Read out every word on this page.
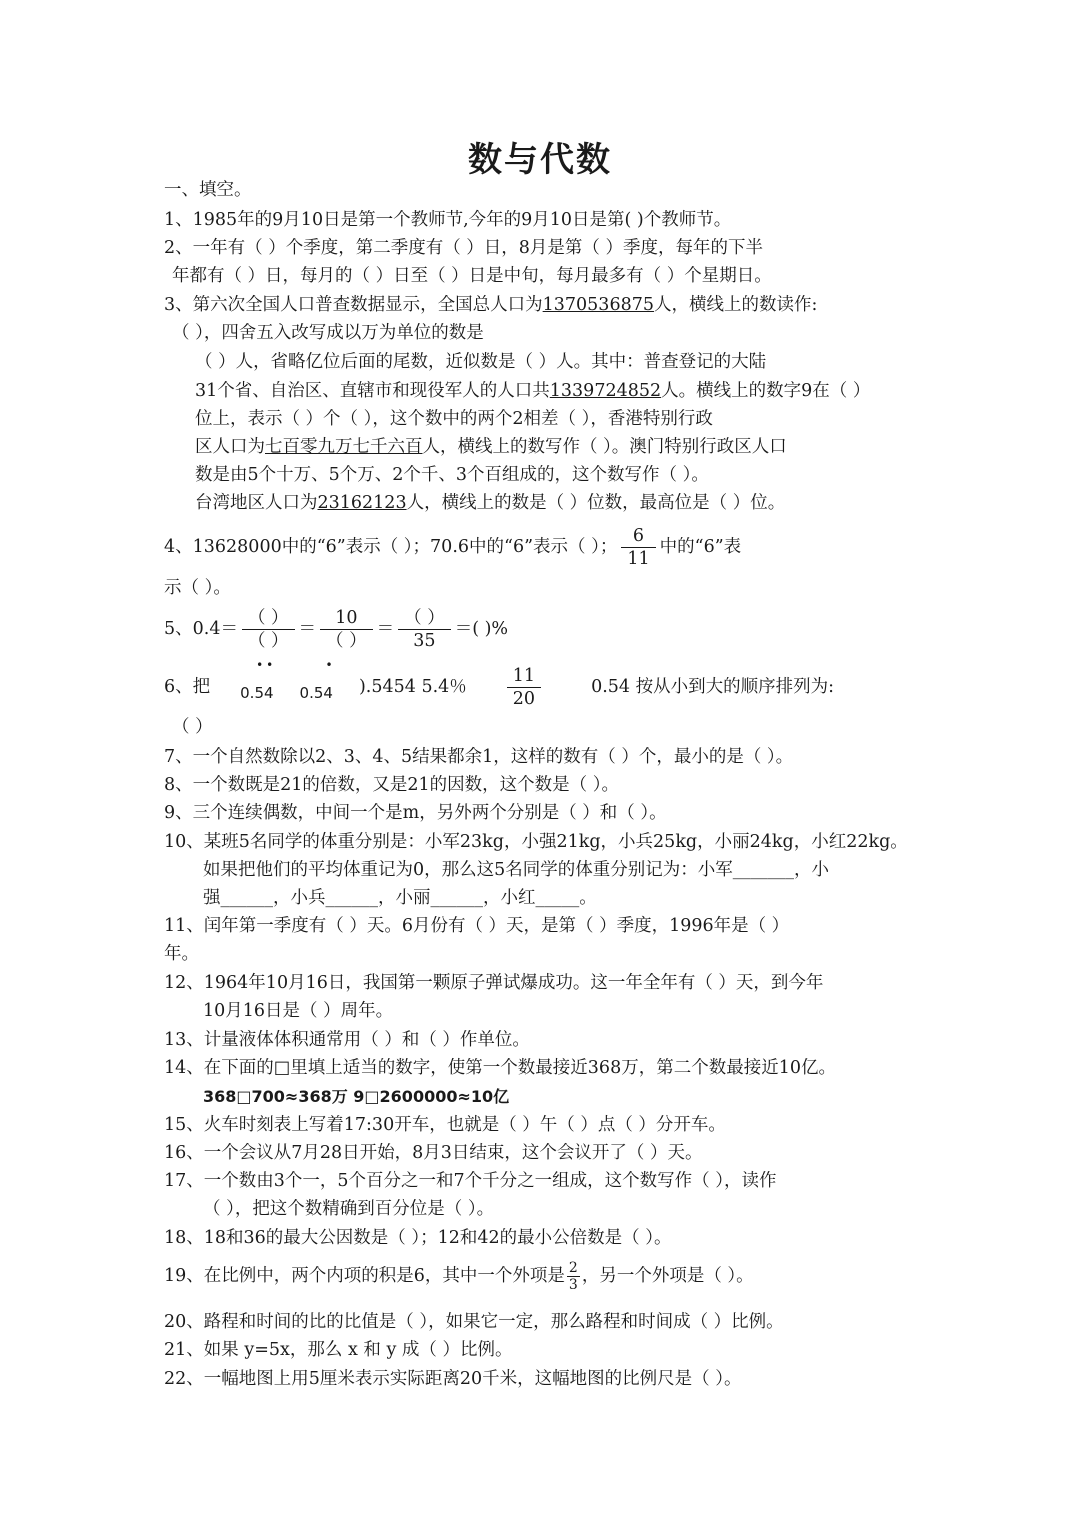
数与代数
一、填空。
1、1985年的9月10日是第一个教师节,今年的9月10日是第( )个教师节。
2、一年有（ ）个季度，第二季度有（ ）日，8月是第（ ）季度，每年的下半
年都有（ ）日，每月的（ ）日至（ ）日是中旬，每月最多有（ ）个星期日。
3、第六次全国人口普查数据显示，全国总人口为1370536875人，横线上的数读作:
（ ），四舍五入改写成以万为单位的数是
（ ）人，省略亿位后面的尾数，近似数是（ ）人。其中：普查登记的大陆
31个省、自治区、直辖市和现役军人的人口共1339724852人。横线上的数字9在（ ）
位上，表示（ ）个（ ），这个数中的两个2相差（ ），香港特别行政
区人口为七百零九万七千六百人，横线上的数写作（ ）。澳门特别行政区人口
数是由5个十万、5个万、2个千、3个百组成的，这个数写作（ ）。
台湾地区人口为23162123人，横线上的数是（ ）位数，最高位是（ ）位。
4、13628000中的“6”表示（ ）；70.6中的“6”表示（ ）； $\frac{6}{11}$ 中的“6”表
示（ ）。
5、$0.4= \frac{( )}{( )} = \frac{10}{( )} = \frac{( )}{35}$ ＝( )%
6、把 0.54
• •
0.54
•
).5454 5.4％ $\frac{11}{20}$	0.54 按从小到大的顺序排列为:
（ ）
7、一个自然数除以2、3、4、5结果都余1，这样的数有（ ）个，最小的是（ ）。
8、一个数既是21的倍数，又是21的因数，这个数是（ ）。
9、三个连续偶数，中间一个是m，另外两个分别是（ ）和（ ）。
10、某班5名同学的体重分别是：小军23kg，小强21kg，小兵25kg，小丽24kg，小红22kg。
如果把他们的平均体重记为0，那么这5名同学的体重分别记为：小军_______，小
强______，小兵______，小丽______，小红_____。
11、闰年第一季度有（ ）天。6月份有（ ）天，是第（ ）季度，1996年是（ ）
年。
12、1964年10月16日，我国第一颗原子弹试爆成功。这一年全年有（ ）天，到今年
10月16日是（ ）周年。
13、计量液体体积通常用（ ）和（ ）作单位。
14、在下面的□里填上适当的数字，使第一个数最接近368万，第二个数最接近10亿。
368□700≈368万 9□2600000≈10亿
15、火车时刻表上写着17:30开车，也就是（ ）午（ ）点（ ）分开车。
16、一个会议从7月28日开始，8月3日结束，这个会议开了（ ）天。
17、一个数由3个一，5个百分之一和7个千分之一组成，这个数写作（ ），读作
（ ），把这个数精确到百分位是（ ）。
18、18和36的最大公因数是（ ）；12和42的最小公倍数是（ ）。
19、在比例中，两个内项的积是6，其中一个外项是 $\frac{2}{3}$ ，另一个外项是（ ）。
20、路程和时间的比的比值是（ ），如果它一定，那么路程和时间成（ ）比例。
21、如果 y=5x，那么 x 和 y 成（ ）比例。
22、一幅地图上用5厘米表示实际距离20千米，这幅地图的比例尺是（ ）。
